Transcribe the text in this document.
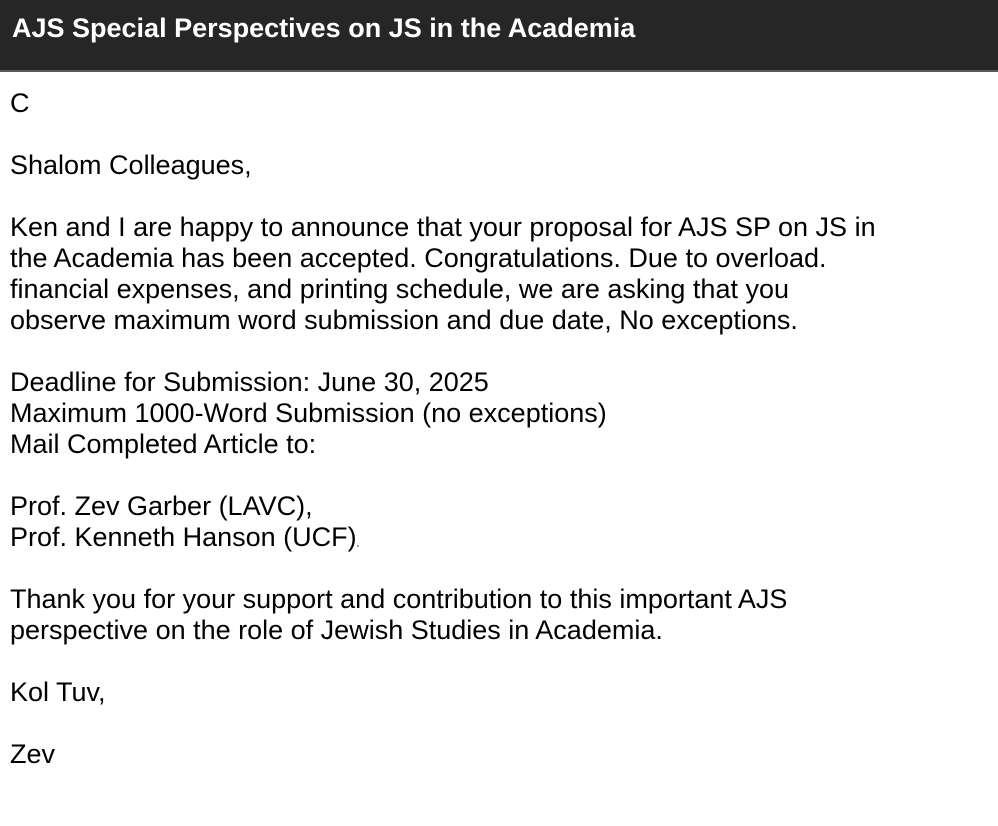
AJS Special Perspectives on JS in the Academia
C
Shalom Colleagues,
Ken and I are happy to announce that your proposal for AJS SP on JS in
the Academia has been accepted. Congratulations. Due to overload.
financial expenses, and printing schedule, we are asking that you
observe maximum word submission and due date, No exceptions.
Deadline for Submission: June 30, 2025
Maximum 1000-Word Submission (no exceptions)
Mail Completed Article to:
Prof. Zev Garber (LAVC),
Prof. Kenneth Hanson (UCF),
Thank you for your support and contribution to this important AJS
perspective on the role of Jewish Studies in Academia.
Kol Tuv,
Zev
